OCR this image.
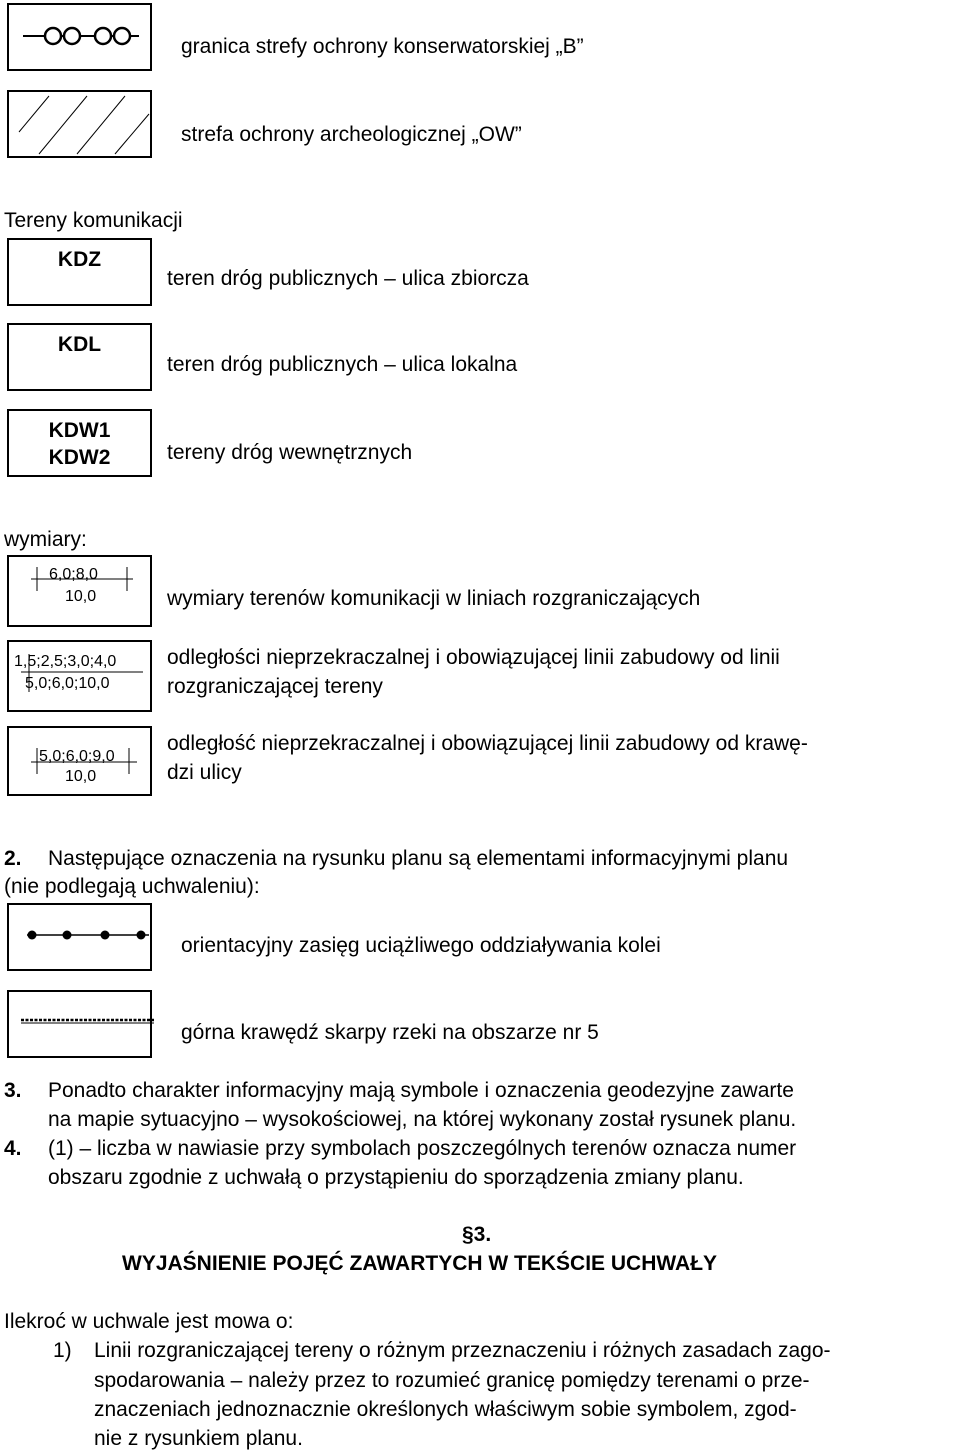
granica strefy ochrony konserwatorskiej „B”
strefa ochrony archeologicznej „OW”
Tereny komunikacji
KDZ
teren dróg publicznych – ulica zbiorcza
KDL
teren dróg publicznych – ulica lokalna
KDW1
KDW2	tereny dróg wewnętrznych
wymiary:
6,0;8,0
10,0	wymiary terenów komunikacji w liniach rozgraniczających
1,5;2,5;3,0;4,0
5,0;6,0;10,0
odległości nieprzekraczalnej i obowiązującej linii zabudowy od linii
rozgraniczającej tereny
5,0;6,0;9,0
10,0
odległość nieprzekraczalnej i obowiązującej linii zabudowy od krawę-
dzi ulicy
2. Następujące oznaczenia na rysunku planu są elementami informacyjnymi planu
(nie podlegają uchwaleniu):
orientacyjny zasięg uciążliwego oddziaływania kolei
górna krawędź skarpy rzeki na obszarze nr 5
3. Ponadto charakter informacyjny mają symbole i oznaczenia geodezyjne zawarte
na mapie sytuacyjno – wysokościowej, na której wykonany został rysunek planu.
4. (1) – liczba w nawiasie przy symbolach poszczególnych terenów oznacza numer
obszaru zgodnie z uchwałą o przystąpieniu do sporządzenia zmiany planu.
§3.
WYJAŚNIENIE POJĘĆ ZAWARTYCH W TEKŚCIE UCHWAŁY
Ilekroć w uchwale jest mowa o:
1) Linii rozgraniczającej tereny o różnym przeznaczeniu i różnych zasadach zago-
spodarowania – należy przez to rozumieć granicę pomiędzy terenami o prze-
znaczeniach jednoznacznie określonych właściwym sobie symbolem, zgod-
nie z rysunkiem planu.
